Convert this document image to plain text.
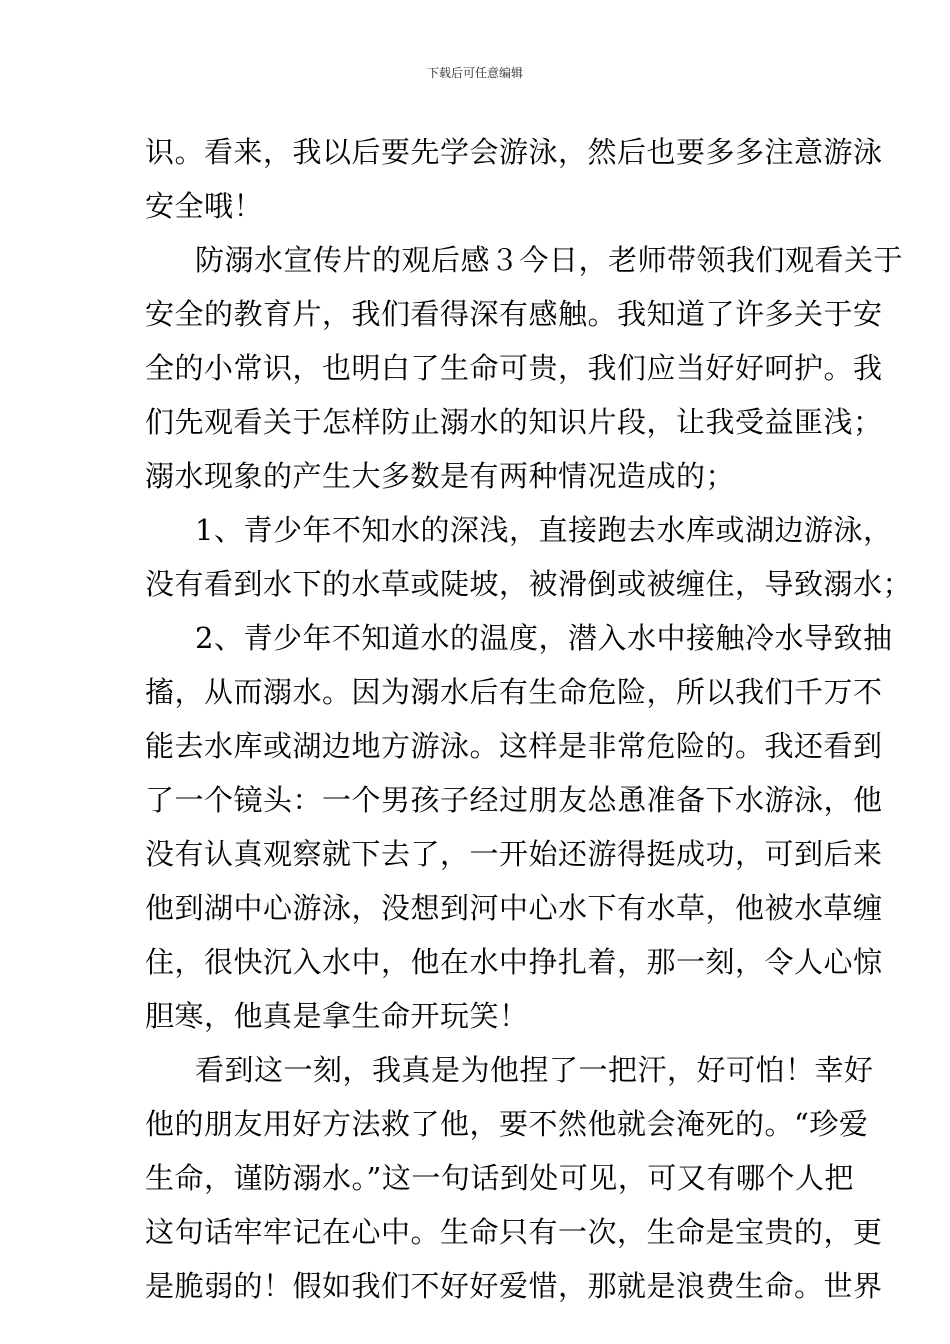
下载后可任意编辑
识。看来，我以后要先学会游泳，然后也要多多注意游泳
安全哦！
防溺水宣传片的观后感３今日，老师带领我们观看关于
安全的教育片，我们看得深有感触。我知道了许多关于安
全的小常识，也明白了生命可贵，我们应当好好呵护。我
们先观看关于怎样防止溺水的知识片段，让我受益匪浅；
溺水现象的产生大多数是有两种情况造成的；
1、青少年不知水的深浅，直接跑去水库或湖边游泳，
没有看到水下的水草或陡坡，被滑倒或被缠住，导致溺水；
2、青少年不知道水的温度，潜入水中接触冷水导致抽
搐，从而溺水。因为溺水后有生命危险，所以我们千万不
能去水库或湖边地方游泳。这样是非常危险的。我还看到
了一个镜头：一个男孩子经过朋友怂恿准备下水游泳，他
没有认真观察就下去了，一开始还游得挺成功，可到后来
他到湖中心游泳，没想到河中心水下有水草，他被水草缠
住，很快沉入水中，他在水中挣扎着，那一刻，令人心惊
胆寒，他真是拿生命开玩笑！
看到这一刻，我真是为他捏了一把汗，好可怕！幸好
他的朋友用好方法救了他，要不然他就会淹死的。“珍爱
生命，谨防溺水。”这一句话到处可见，可又有哪个人把
这句话牢牢记在心中。生命只有一次，生命是宝贵的，更
是脆弱的！假如我们不好好爱惜，那就是浪费生命。世界
